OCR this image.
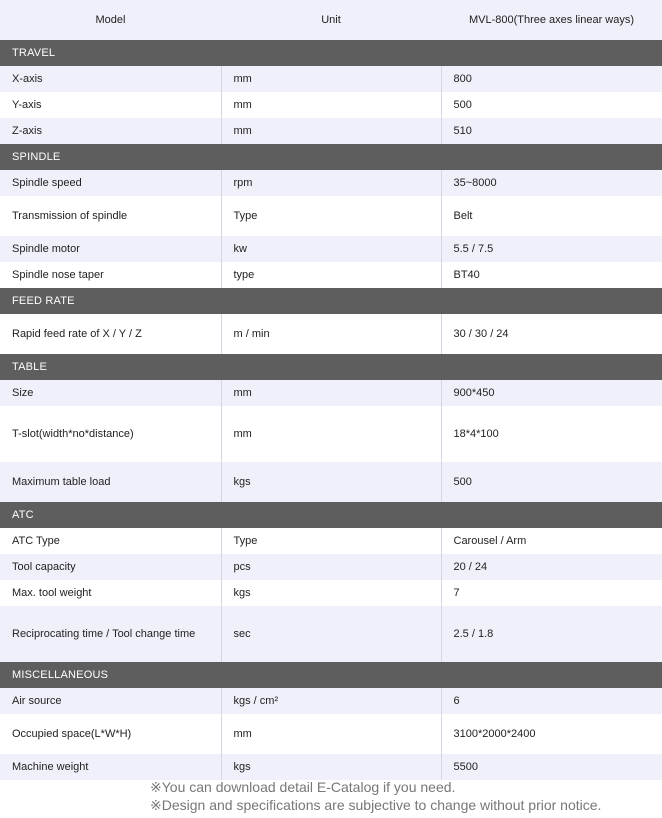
Model	Unit	MVL-800(Three axes linear ways)
TRAVEL		
X-axis	mm	800
Y-axis	mm	500
Z-axis	mm	510
SPINDLE		
Spindle speed	rpm	35~8000
Transmission of spindle	Type	Belt
Spindle motor	kw	5.5 / 7.5
Spindle nose taper	type	BT40
FEED RATE		
Rapid feed rate of X / Y / Z	m / min	30 / 30 / 24
TABLE		
Size	mm	900*450
T-slot(width*no*distance)	mm	18*4*100
Maximum table load	kgs	500
ATC		
ATC Type	Type	Carousel / Arm
Tool capacity	pcs	20 / 24
Max. tool weight	kgs	7
Reciprocating time / Tool change time	sec	2.5 / 1.8
MISCELLANEOUS		
Air source	kgs / cm²	6
Occupied space(L*W*H)	mm	3100*2000*2400
Machine weight	kgs	5500
※You can download detail E-Catalog if you need.
※Design and specifications are subjective to change without prior notice.
